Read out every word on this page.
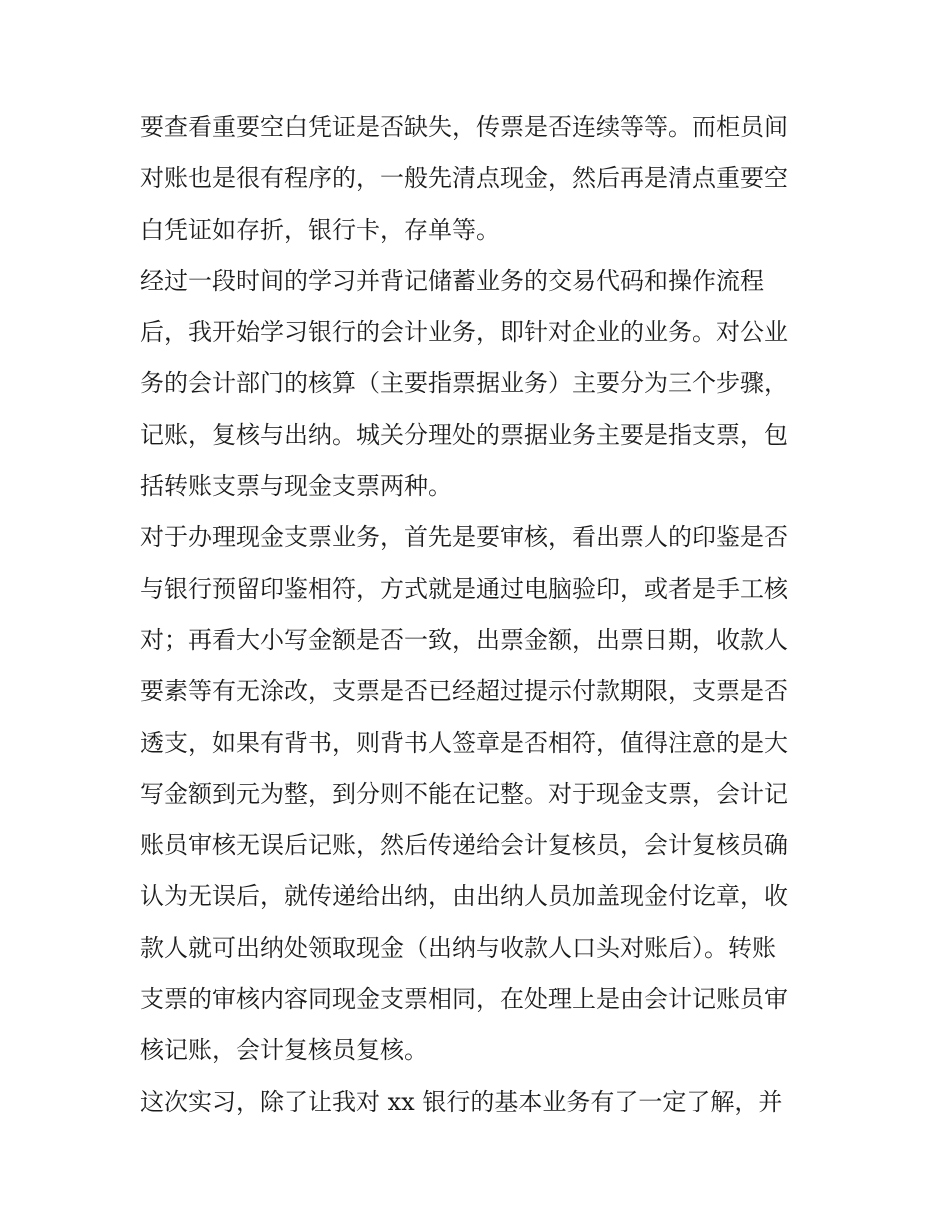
要查看重要空白凭证是否缺失，传票是否连续等等。而柜员间
对账也是很有程序的，一般先清点现金，然后再是清点重要空
白凭证如存折，银行卡，存单等。
经过一段时间的学习并背记储蓄业务的交易代码和操作流程
后，我开始学习银行的会计业务，即针对企业的业务。对公业
务的会计部门的核算（主要指票据业务）主要分为三个步骤，
记账，复核与出纳。城关分理处的票据业务主要是指支票，包
括转账支票与现金支票两种。
对于办理现金支票业务，首先是要审核，看出票人的印鉴是否
与银行预留印鉴相符，方式就是通过电脑验印，或者是手工核
对；再看大小写金额是否一致，出票金额，出票日期，收款人
要素等有无涂改，支票是否已经超过提示付款期限，支票是否
透支，如果有背书，则背书人签章是否相符，值得注意的是大
写金额到元为整，到分则不能在记整。对于现金支票，会计记
账员审核无误后记账，然后传递给会计复核员，会计复核员确
认为无误后，就传递给出纳，由出纳人员加盖现金付讫章，收
款人就可出纳处领取现金（出纳与收款人口头对账后）。转账
支票的审核内容同现金支票相同，在处理上是由会计记账员审
核记账，会计复核员复核。
这次实习，除了让我对 xx 银行的基本业务有了一定了解，并
